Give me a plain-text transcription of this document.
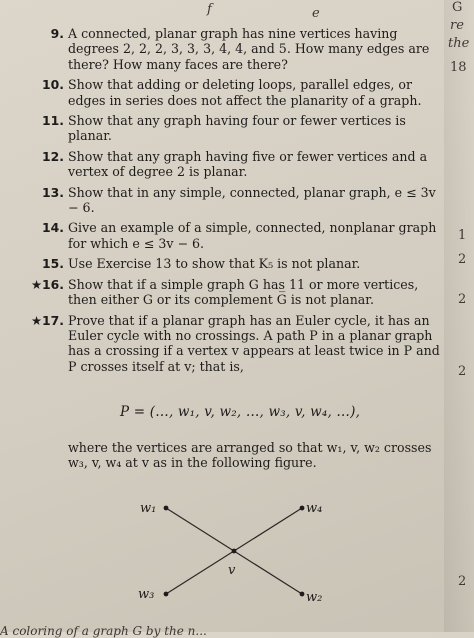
f	e	G
re
the
18
1
2
2
2
2
9. A connected, planar graph has nine vertices having degrees 2, 2, 2, 3, 3, 3, 4, 4, and 5. How many edges are there? How many faces are there?
10. Show that adding or deleting loops, parallel edges, or edges in series does not affect the planarity of a graph.
11. Show that any graph having four or fewer vertices is planar.
12. Show that any graph having five or fewer vertices and a vertex of degree 2 is planar.
13. Show that in any simple, connected, planar graph, e ≤ 3v − 6.
14. Give an example of a simple, connected, nonplanar graph for which e ≤ 3v − 6.
15. Use Exercise 13 to show that K₅ is not planar.
★16. Show that if a simple graph G has 11 or more vertices, then either G or its complement G̅ is not planar.
★17. Prove that if a planar graph has an Euler cycle, it has an Euler cycle with no crossings. A path P in a planar graph has a crossing if a vertex v appears at least twice in P and P crosses itself at v; that is,
P = (…, w₁, v, w₂, …, w₃, v, w₄, …),
where the vertices are arranged so that w₁, v, w₂ crosses w₃, v, w₄ at v as in the following figure.
w₁	w₄
v
w₃	w₂
A coloring of a graph G by the n...
